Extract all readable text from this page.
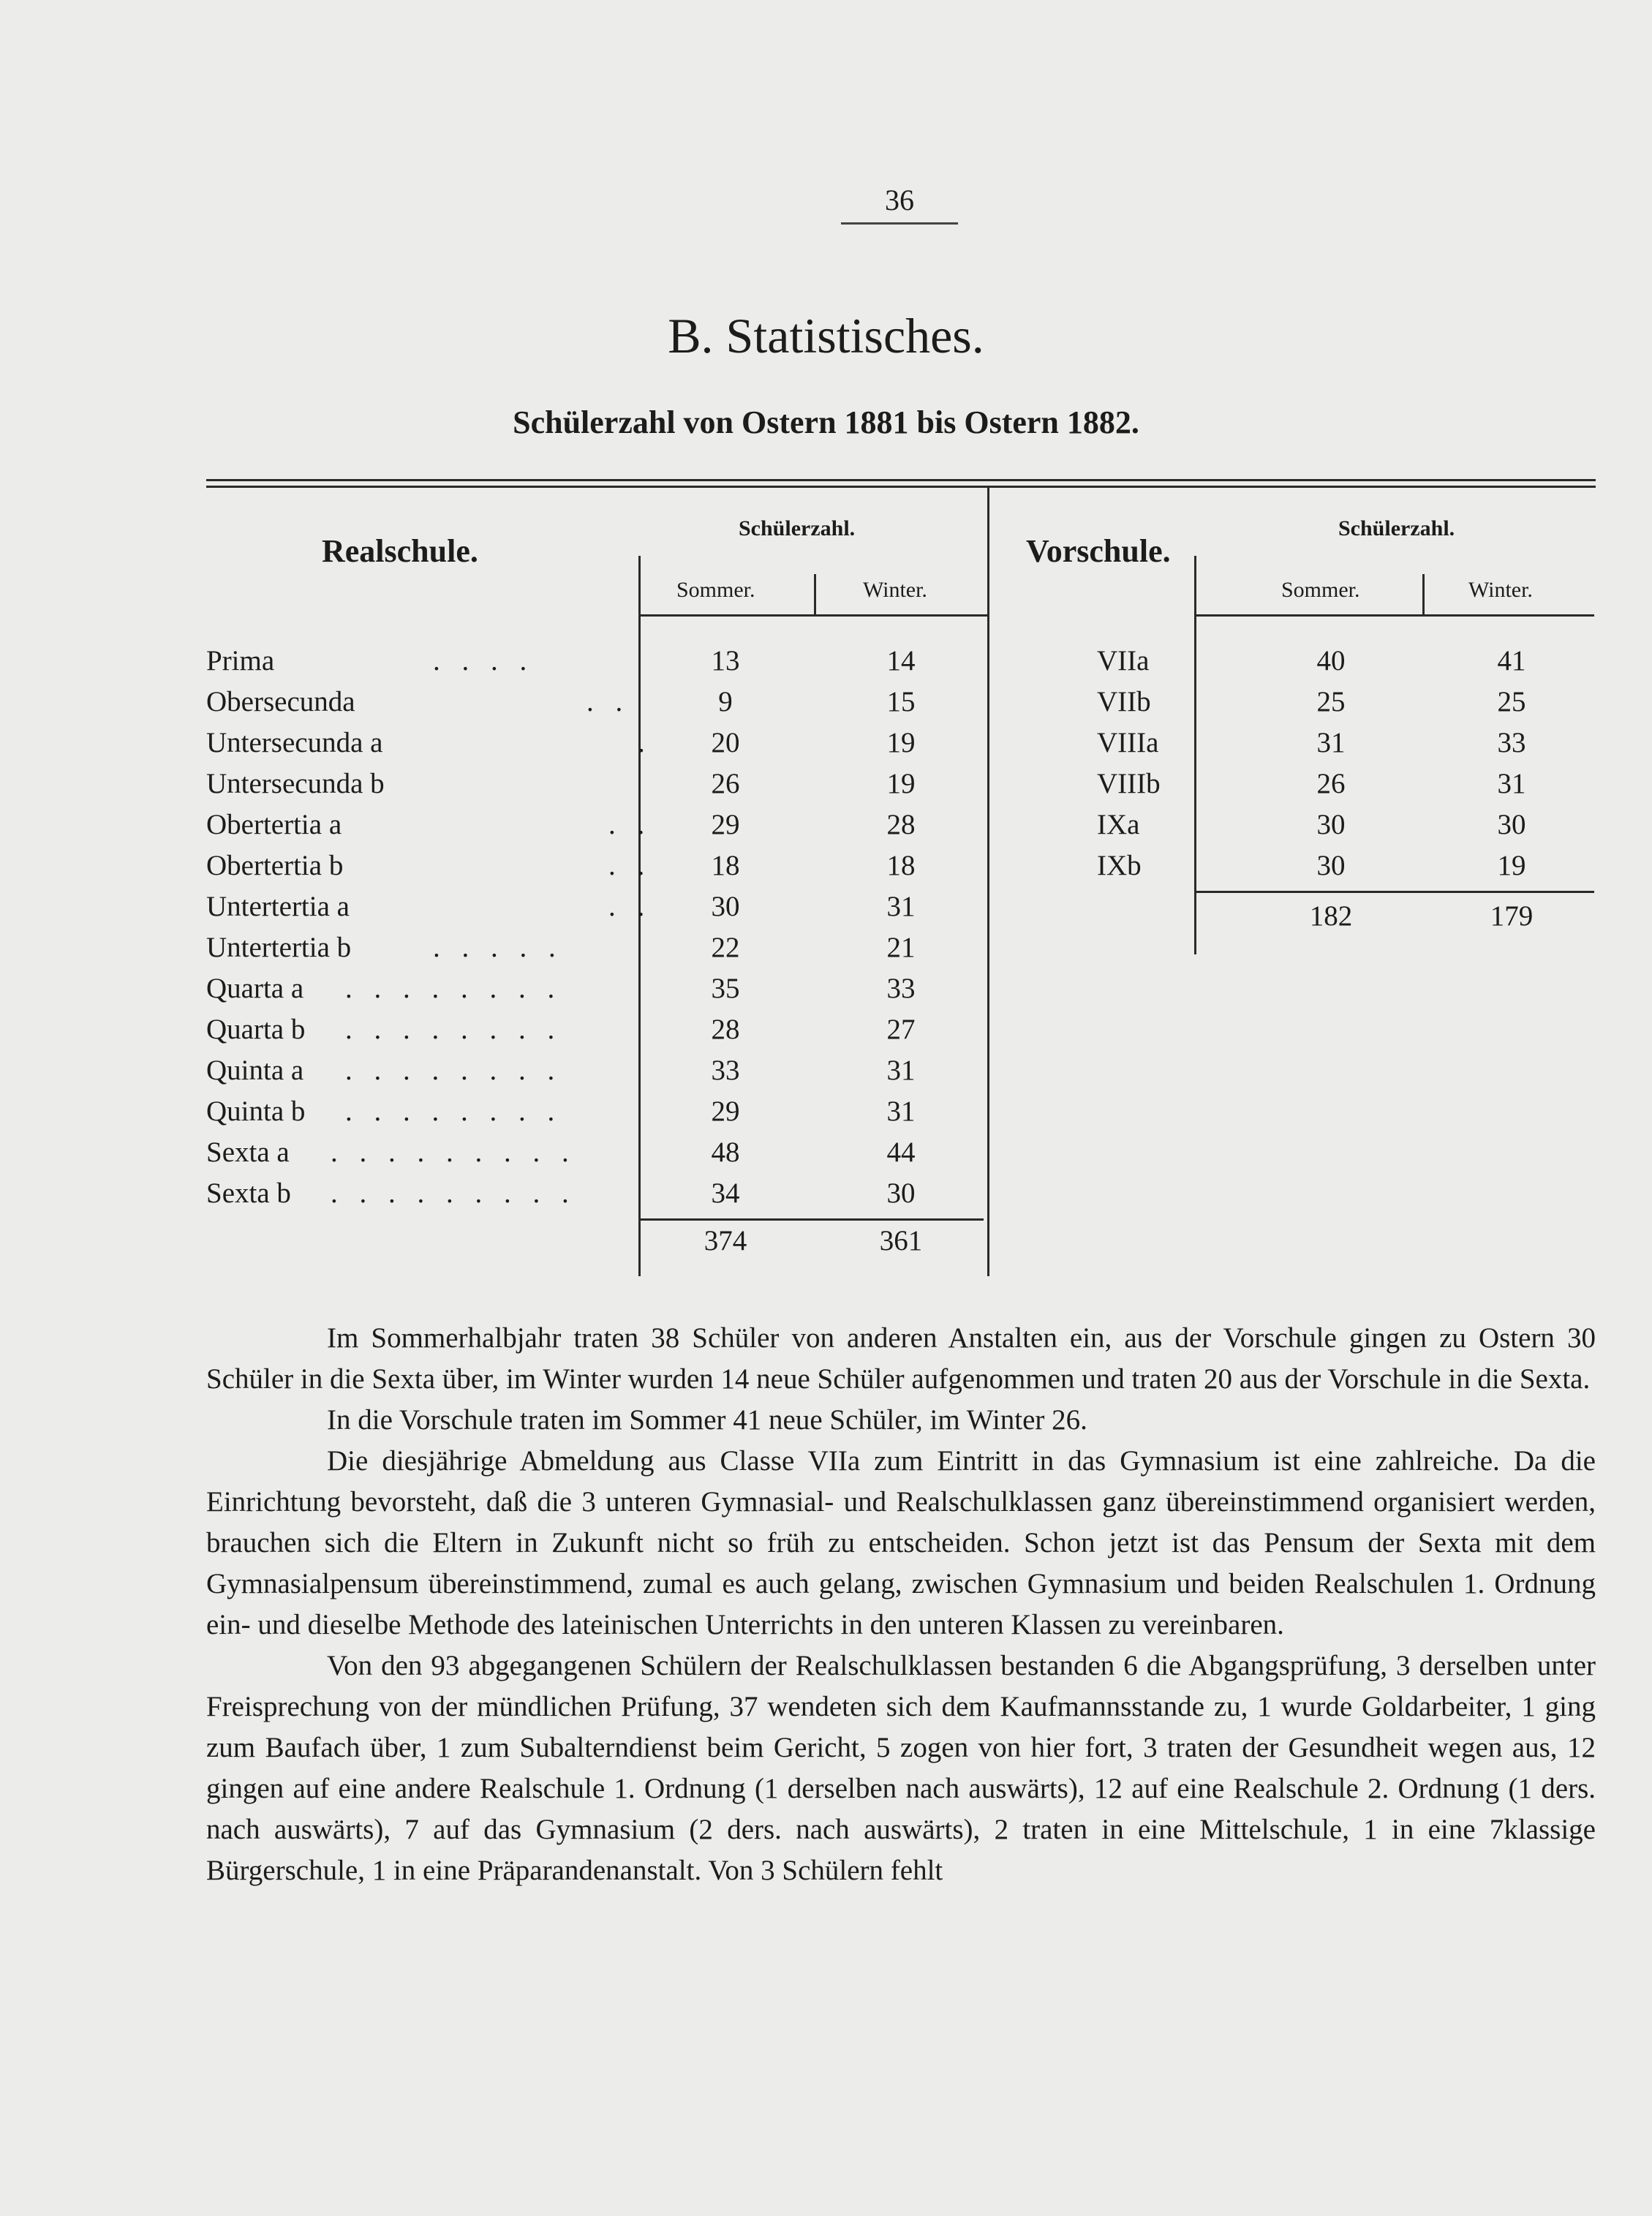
36
B. Statistisches.
Schülerzahl von Ostern 1881 bis Ostern 1882.
Realschule.
Schülerzahl.
Sommer.	Winter.
Vorschule.
Schülerzahl.
Sommer.	Winter.
Prima	. . . .	13	14
Obersecunda	. .	9	15
Untersecunda a	.	20	19
Untersecunda b	26	19
Obertertia a	. .	29	28
Obertertia b	. .	18	18
Untertertia a	. .	30	31
Untertertia b	. . . . .	22	21
Quarta a . . . . . . . .	35	33
Quarta b . . . . . . . .	28	27
Quinta a . . . . . . . .	33	31
Quinta b . . . . . . . .	29	31
Sexta a . . . . . . . . .	48	44
Sexta b . . . . . . . . .	34	30
374	361
VIIa	40	41
VIIb	25	25
VIIIa	31	33
VIIIb	26	31
IXa	30	30
IXb	30	19
182	179

Im Sommerhalbjahr traten 38 Schüler von anderen Anstalten ein, aus der Vorschule gingen zu Ostern 30 Schüler in die Sexta über, im Winter wurden 14 neue Schüler aufgenommen und traten 20 aus der Vorschule in die Sexta.

In die Vorschule traten im Sommer 41 neue Schüler, im Winter 26.

Die diesjährige Abmeldung aus Classe VIIa zum Eintritt in das Gymnasium ist eine zahlreiche. Da die Einrichtung bevorsteht, daß die 3 unteren Gymnasial- und Realschulklassen ganz übereinstimmend organisiert werden, brauchen sich die Eltern in Zukunft nicht so früh zu entscheiden. Schon jetzt ist das Pensum der Sexta mit dem Gymnasialpensum übereinstimmend, zumal es auch gelang, zwischen Gymnasium und beiden Realschulen 1. Ordnung ein- und dieselbe Methode des lateinischen Unterrichts in den unteren Klassen zu vereinbaren.

Von den 93 abgegangenen Schülern der Realschulklassen bestanden 6 die Abgangsprüfung, 3 derselben unter Freisprechung von der mündlichen Prüfung, 37 wendeten sich dem Kaufmannsstande zu, 1 wurde Goldarbeiter, 1 ging zum Baufach über, 1 zum Subalterndienst beim Gericht, 5 zogen von hier fort, 3 traten der Gesundheit wegen aus, 12 gingen auf eine andere Realschule 1. Ordnung (1 derselben nach auswärts), 12 auf eine Realschule 2. Ordnung (1 ders. nach auswärts), 7 auf das Gymnasium (2 ders. nach auswärts), 2 traten in eine Mittelschule, 1 in eine 7klassige Bürgerschule, 1 in eine Präparandenanstalt. Von 3 Schülern fehlt
